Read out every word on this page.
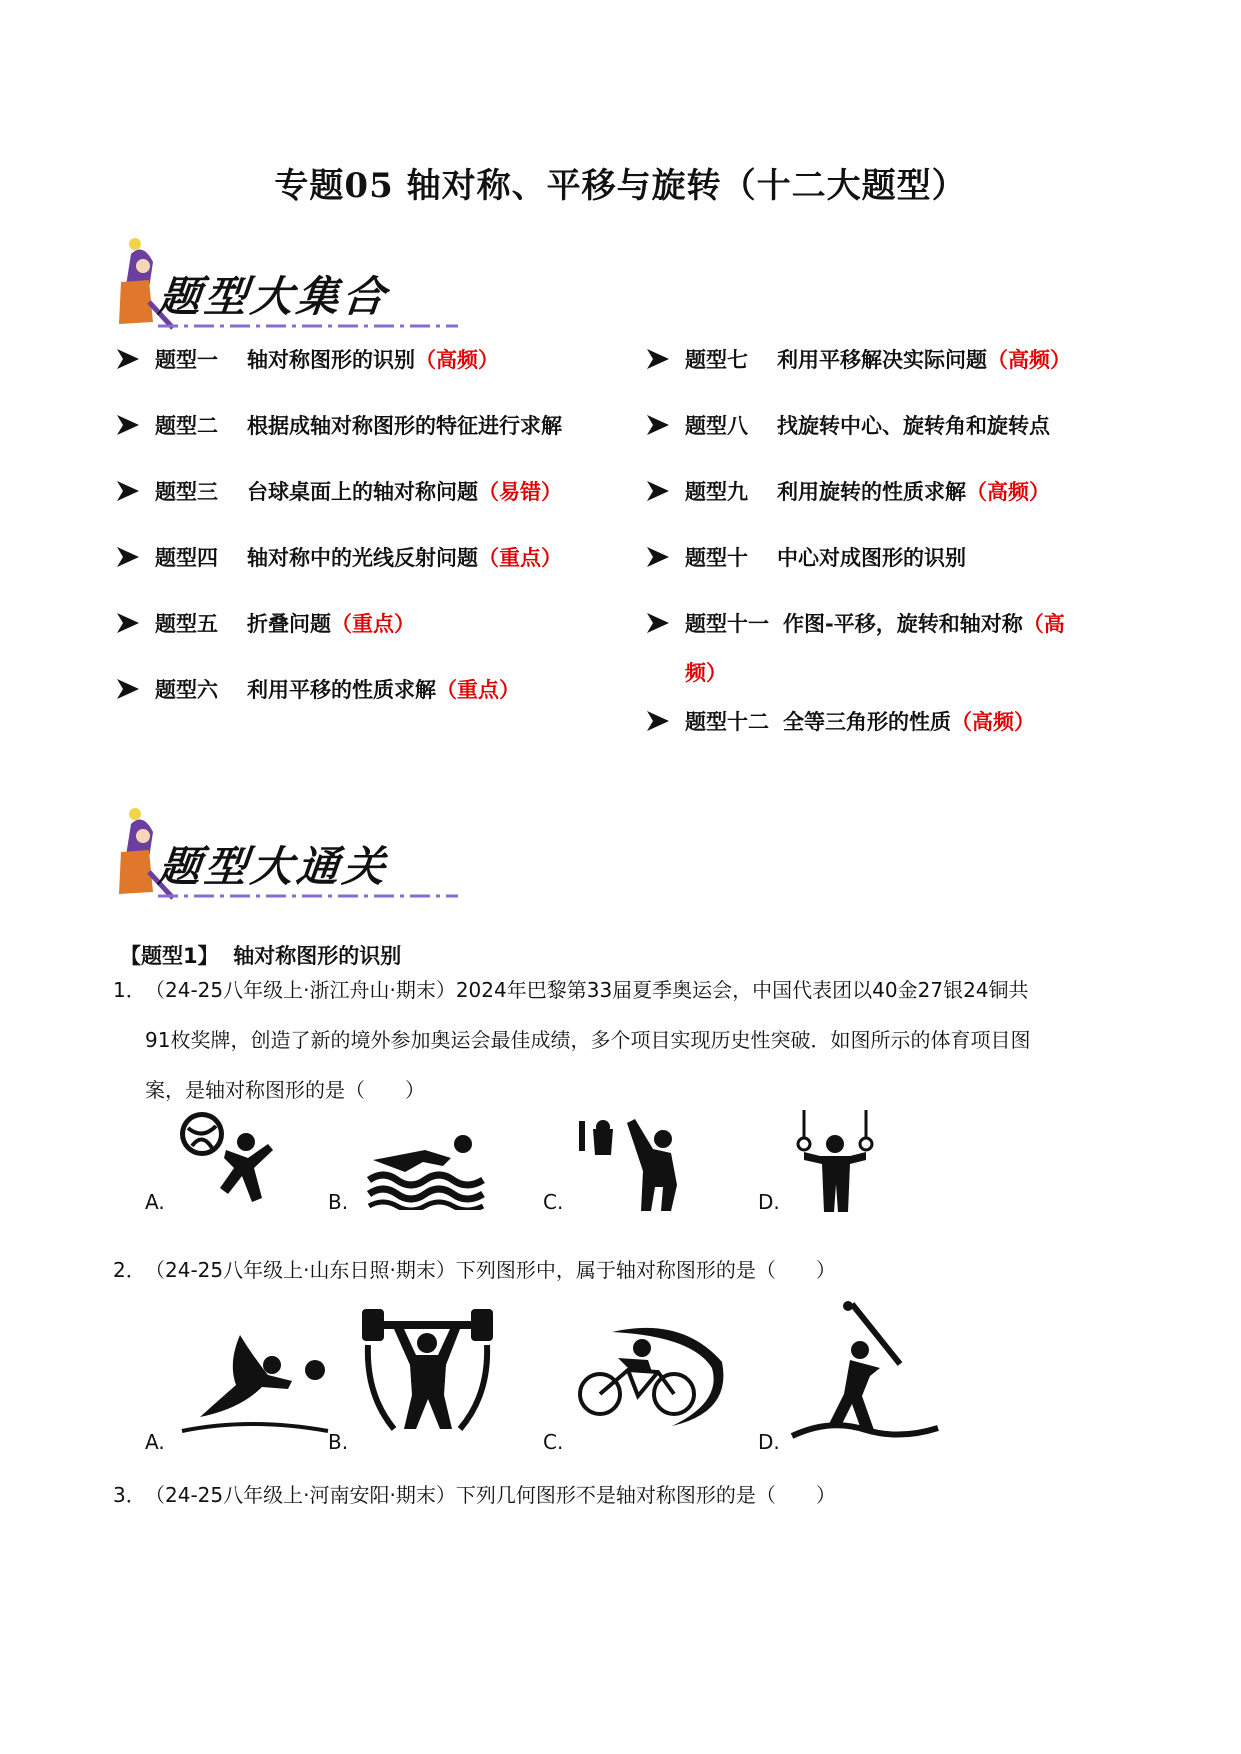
专题05 轴对称、平移与旋转（十二大题型）
题型大集合
题型一 轴对称图形的识别（高频）
题型二 根据成轴对称图形的特征进行求解
题型三 台球桌面上的轴对称问题（易错）
题型四 轴对称中的光线反射问题（重点）
题型五 折叠问题（重点）
题型六 利用平移的性质求解（重点）
题型七 利用平移解决实际问题（高频）
题型八 找旋转中心、旋转角和旋转点
题型九 利用旋转的性质求解（高频）
题型十 中心对成图形的识别
题型十一 作图-平移，旋转和轴对称（高
频）
题型十二 全等三角形的性质（高频）
题型大通关
【题型1】 轴对称图形的识别
1．（24-25八年级上·浙江舟山·期末）2024年巴黎第33届夏季奥运会，中国代表团以40金27银24铜共
91枚奖牌，创造了新的境外参加奥运会最佳成绩，多个项目实现历史性突破．如图所示的体育项目图
案，是轴对称图形的是（　　）
A.	B.	C.	D.
2．（24-25八年级上·山东日照·期末）下列图形中，属于轴对称图形的是（　　）
A.	B.	C.	D.
3．（24-25八年级上·河南安阳·期末）下列几何图形不是轴对称图形的是（　　）
